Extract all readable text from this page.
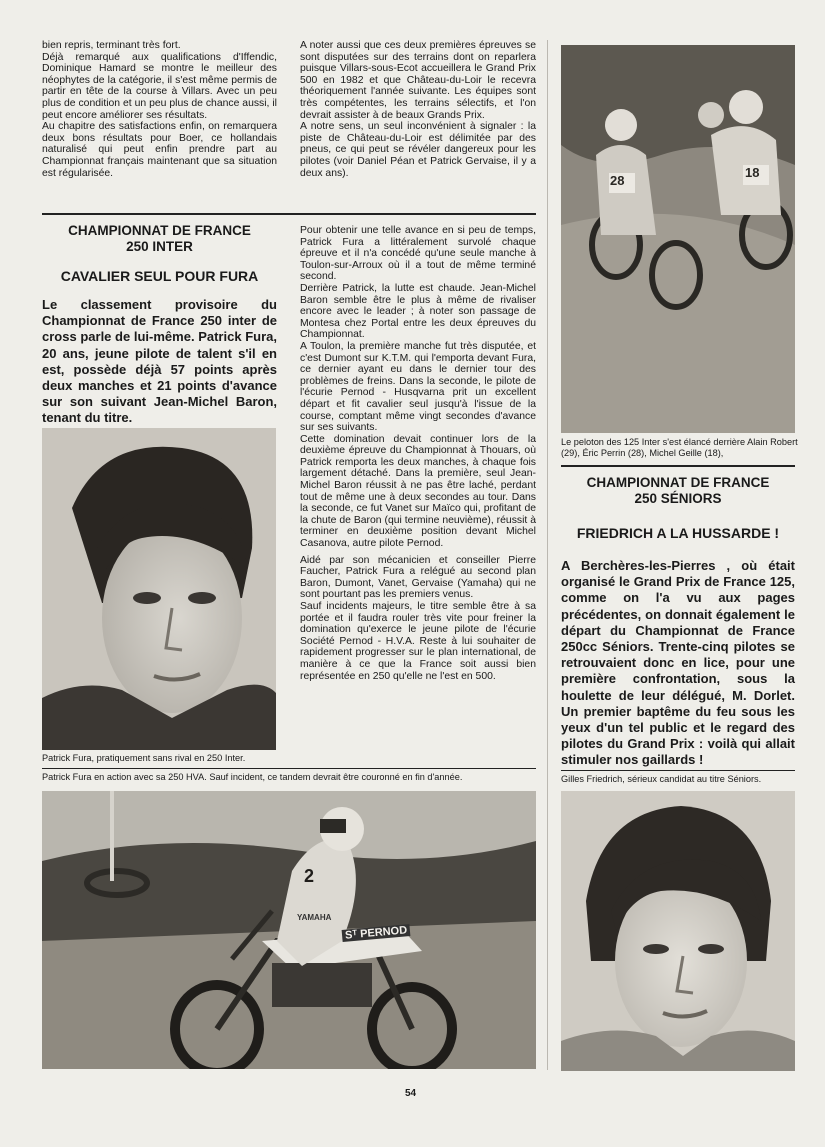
bien repris, terminant très fort.

Déjà remarqué aux qualifications d'Iffendic, Dominique Hamard se montre le meilleur des néophytes de la catégorie, il s'est même permis de partir en tête de la course à Villars. Avec un peu plus de condition et un peu plus de chance aussi, il peut encore améliorer ses résultats.

Au chapitre des satisfactions enfin, on remarquera deux bons résultats pour Boer, ce hollandais naturalisé qui peut enfin prendre part au Championnat français maintenant que sa situation est régularisée.

A noter aussi que ces deux premières épreuves se sont disputées sur des terrains dont on reparlera puisque Villars-sous-Ecot accueillera le Grand Prix 500 en 1982 et que Château-du-Loir le recevra théoriquement l'année suivante. Les équipes sont très compétentes, les terrains sélectifs, et l'on devrait assister à de beaux Grands Prix.

A notre sens, un seul inconvénient à signaler : la piste de Château-du-Loir est délimitée par des pneus, ce qui peut se révéler dangereux pour les pilotes (voir Daniel Péan et Patrick Gervaise, il y a deux ans).

CHAMPIONNAT DE FRANCE
250 INTER
CAVALIER SEUL POUR FURA
Le classement provisoire du Championnat de France 250 inter de cross parle de lui-même. Patrick Fura, 20 ans, jeune pilote de talent s'il en est, possède déjà 57 points après deux manches et 21 points d'avance sur son suivant Jean-Michel Baron, tenant du titre.

Patrick Fura, pratiquement sans rival en 250 Inter.

Pour obtenir une telle avance en si peu de temps, Patrick Fura a littéralement survolé chaque épreuve et il n'a concédé qu'une seule manche à Toulon-sur-Arroux où il a tout de même terminé second.

Derrière Patrick, la lutte est chaude. Jean-Michel Baron semble être le plus à même de rivaliser encore avec le leader ; à noter son passage de Montesa chez Portal entre les deux épreuves du Championnat.

A Toulon, la première manche fut très disputée, et c'est Dumont sur K.T.M. qui l'emporta devant Fura, ce dernier ayant eu dans le dernier tour des problèmes de freins. Dans la seconde, le pilote de l'écurie Pernod - Husqvarna prit un excellent départ et fit cavalier seul jusqu'à l'issue de la course, comptant même vingt secondes d'avance sur ses suivants.

Cette domination devait continuer lors de la deuxième épreuve du Championnat à Thouars, où Patrick remporta les deux manches, à chaque fois largement détaché. Dans la première, seul Jean-Michel Baron réussit à ne pas être laché, perdant tout de même une à deux secondes au tour. Dans la seconde, ce fut Vanet sur Maïco qui, profitant de la chute de Baron (qui termine neuvième), réussit à terminer en deuxième position devant Michel Casanova, autre pilote Pernod.

Aidé par son mécanicien et conseiller Pierre Faucher, Patrick Fura a relégué au second plan Baron, Dumont, Vanet, Gervaise (Yamaha) qui ne sont pourtant pas les premiers venus.

Sauf incidents majeurs, le titre semble être à sa portée et il faudra rouler très vite pour freiner la domination qu'exerce le jeune pilote de l'écurie Société Pernod - H.V.A. Reste à lui souhaiter de rapidement progresser sur le plan international, de manière à ce que la France soit aussi bien représentée en 250 qu'elle ne l'est en 500.

Patrick Fura en action avec sa 250 HVA. Sauf incident, ce tandem devrait être couronné en fin d'année.

Sᵀ PERNOD
YAMAHA
2
28
18

Le peloton des 125 Inter s'est élancé derrière Alain Robert (29), Éric Perrin (28), Michel Geille (18),

CHAMPIONNAT DE FRANCE
250 SÉNIORS
FRIEDRICH A LA HUSSARDE !
A Berchères-les-Pierres , où était organisé le Grand Prix de France 125, comme on l'a vu aux pages précédentes, on donnait également le départ du Championnat de France 250cc Séniors. Trente-cinq pilotes se retrouvaient donc en lice, pour une première confrontation, sous la houlette de leur délégué, M. Dorlet. Un premier baptême du feu sous les yeux d'un tel public et le regard des pilotes du Grand Prix : voilà qui allait stimuler nos gaillards !

Gilles Friedrich, sérieux candidat au titre Séniors.

54
